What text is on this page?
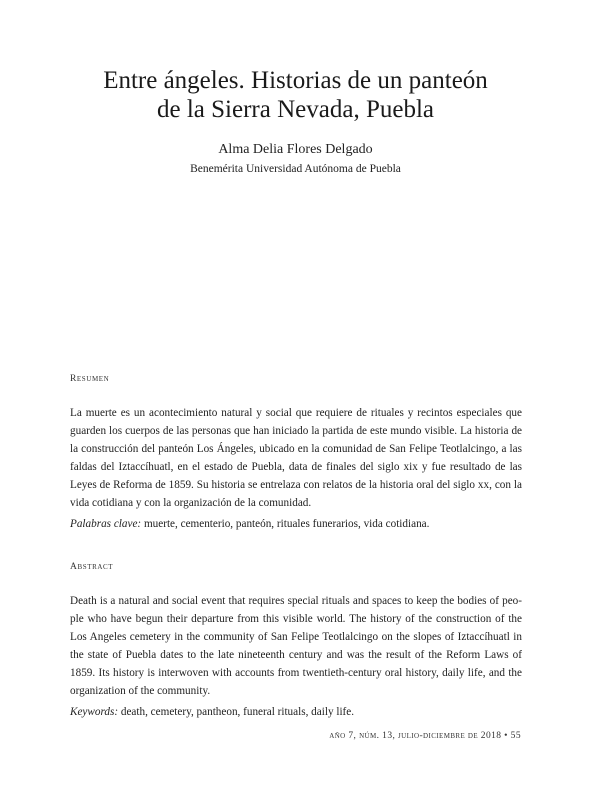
Entre ángeles. Historias de un panteón
de la Sierra Nevada, Puebla
Alma Delia Flores Delgado
Benemérita Universidad Autónoma de Puebla
Resumen
La muerte es un acontecimiento natural y social que requiere de rituales y recintos especiales que guarden los cuerpos de las personas que han iniciado la partida de este mundo visible. La historia de la construcción del panteón Los Ángeles, ubicado en la comunidad de San Felipe Teotlalcingo, a las faldas del Iztaccíhuatl, en el estado de Puebla, data de finales del siglo xix y fue resultado de las Leyes de Reforma de 1859. Su historia se entrelaza con relatos de la historia oral del siglo xx, con la vida cotidiana y con la organización de la comunidad.
Palabras clave: muerte, cementerio, panteón, rituales funerarios, vida cotidiana.
Abstract
Death is a natural and social event that requires special rituals and spaces to keep the bodies of peo-ple who have begun their departure from this visible world. The history of the construction of the Los Angeles cemetery in the community of San Felipe Teotlalcingo on the slopes of Iztaccíhuatl in the state of Puebla dates to the late nineteenth century and was the result of the Reform Laws of 1859. Its history is interwoven with accounts from twentieth-century oral history, daily life, and the organization of the community.
Keywords: death, cemetery, pantheon, funeral rituals, daily life.
año 7, núm. 13, julio-diciembre de 2018 • 55
